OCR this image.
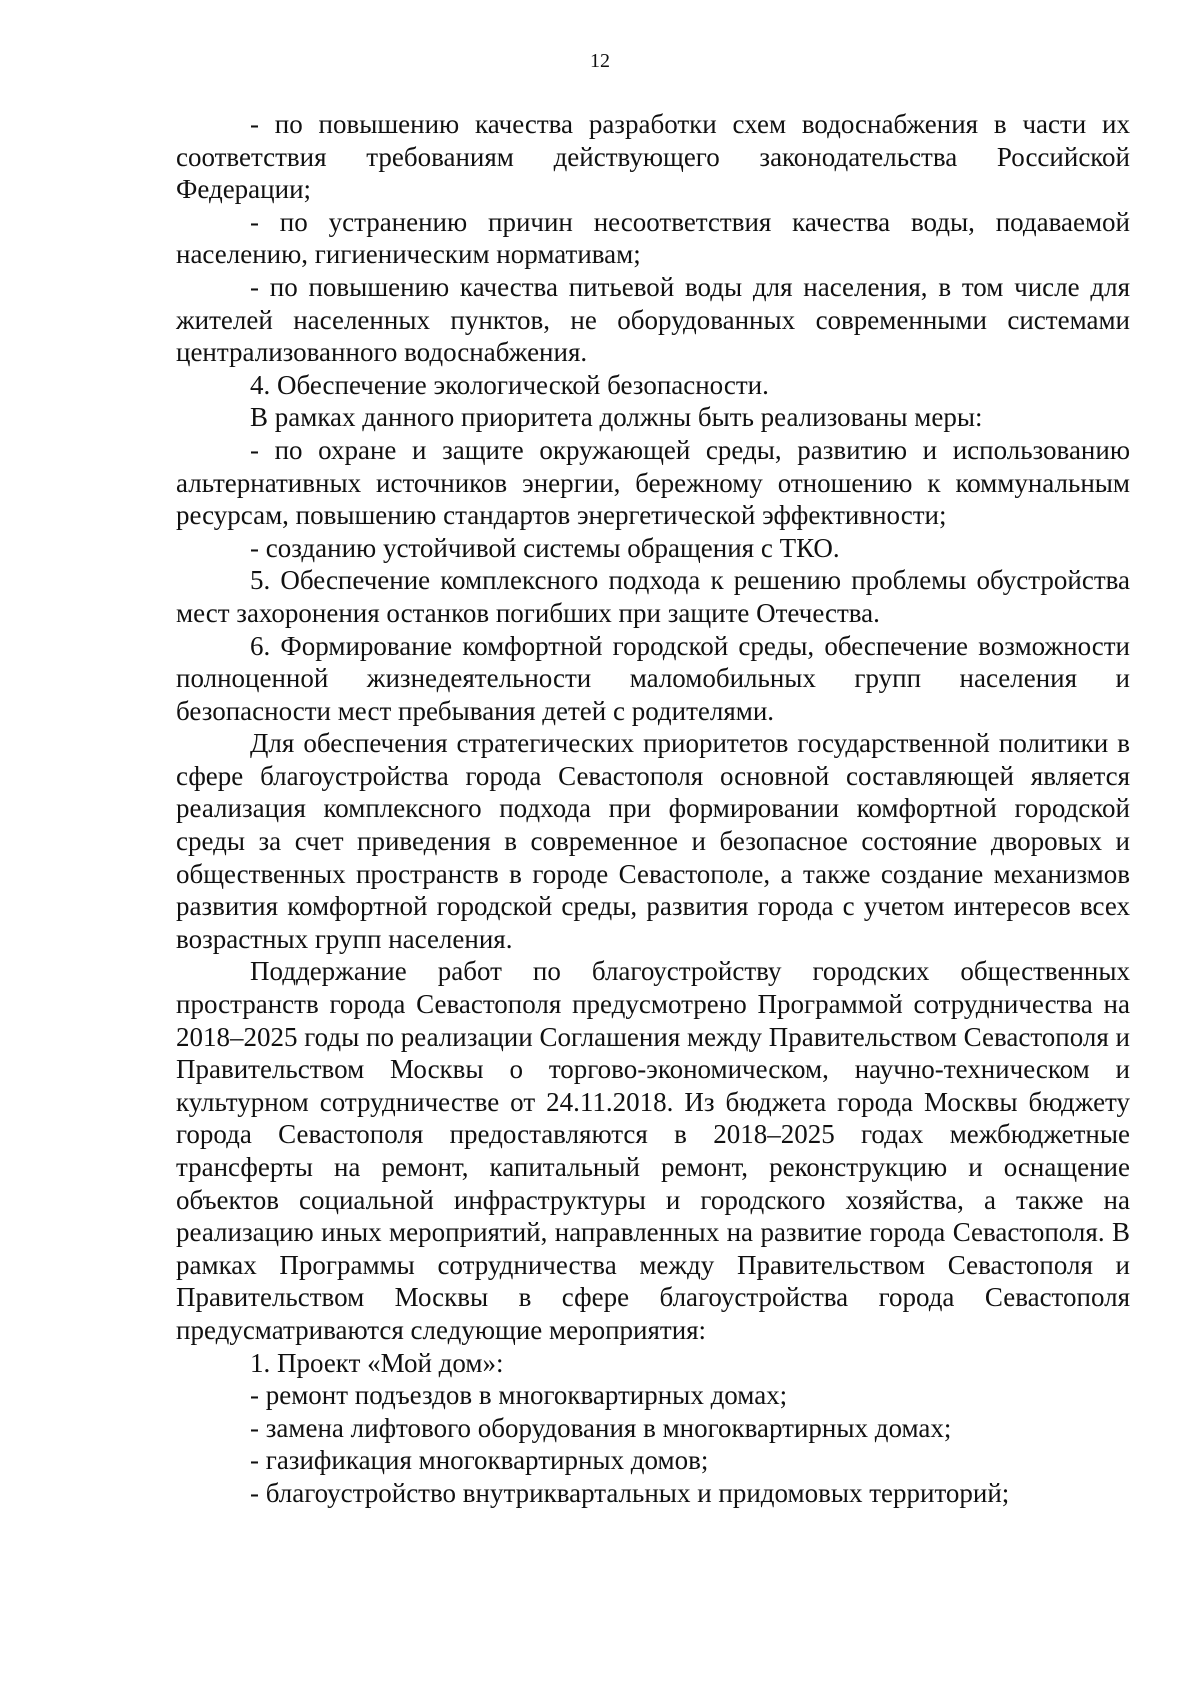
12

- по повышению качества разработки схем водоснабжения в части их соответствия требованиям действующего законодательства Российской Федерации;

- по устранению причин несоответствия качества воды, подаваемой населению, гигиеническим нормативам;

- по повышению качества питьевой воды для населения, в том числе для жителей населенных пунктов, не оборудованных современными системами централизованного водоснабжения.

4. Обеспечение экологической безопасности.

В рамках данного приоритета должны быть реализованы меры:

- по охране и защите окружающей среды, развитию и использованию альтернативных источников энергии, бережному отношению к коммунальным ресурсам, повышению стандартов энергетической эффективности;

- созданию устойчивой системы обращения с ТКО.

5. Обеспечение комплексного подхода к решению проблемы обустройства мест захоронения останков погибших при защите Отечества.

6. Формирование комфортной городской среды, обеспечение возможности полноценной жизнедеятельности маломобильных групп населения и безопасности мест пребывания детей с родителями.

Для обеспечения стратегических приоритетов государственной политики в сфере благоустройства города Севастополя основной составляющей является реализация комплексного подхода при формировании комфортной городской среды за счет приведения в современное и безопасное состояние дворовых и общественных пространств в городе Севастополе, а также создание механизмов развития комфортной городской среды, развития города с учетом интересов всех возрастных групп населения.

Поддержание работ по благоустройству городских общественных пространств города Севастополя предусмотрено Программой сотрудничества на 2018–2025 годы по реализации Соглашения между Правительством Севастополя и Правительством Москвы о торгово-экономическом, научно-техническом и культурном сотрудничестве от 24.11.2018. Из бюджета города Москвы бюджету города Севастополя предоставляются в 2018–2025 годах межбюджетные трансферты на ремонт, капитальный ремонт, реконструкцию и оснащение объектов социальной инфраструктуры и городского хозяйства, а также на реализацию иных мероприятий, направленных на развитие города Севастополя. В рамках Программы сотрудничества между Правительством Севастополя и Правительством Москвы в сфере благоустройства города Севастополя предусматриваются следующие мероприятия:

1. Проект «Мой дом»:

- ремонт подъездов в многоквартирных домах;

- замена лифтового оборудования в многоквартирных домах;

- газификация многоквартирных домов;

- благоустройство внутриквартальных и придомовых территорий;
